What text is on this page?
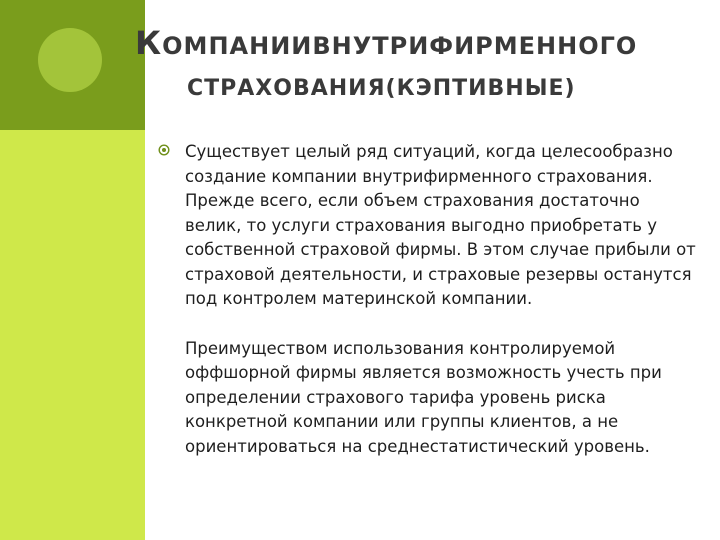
КОМПАНИИВНУТРИФИРМЕННОГО
СТРАХОВАНИЯ(КЭПТИВНЫЕ)

Существует целый ряд ситуаций, когда целесообразно создание компании внутрифирменного страхования. Прежде всего, если объем страхования достаточно велик, то услуги страхования выгодно приобретать у собственной страховой фирмы. В этом случае прибыли от страховой деятельности, и страховые резервы останутся под контролем материнской компании.

Преимуществом использования контролируемой оффшорной фирмы является возможность учесть при определении страхового тарифа уровень риска конкретной компании или группы клиентов, а не ориентироваться на среднестатистический уровень.
